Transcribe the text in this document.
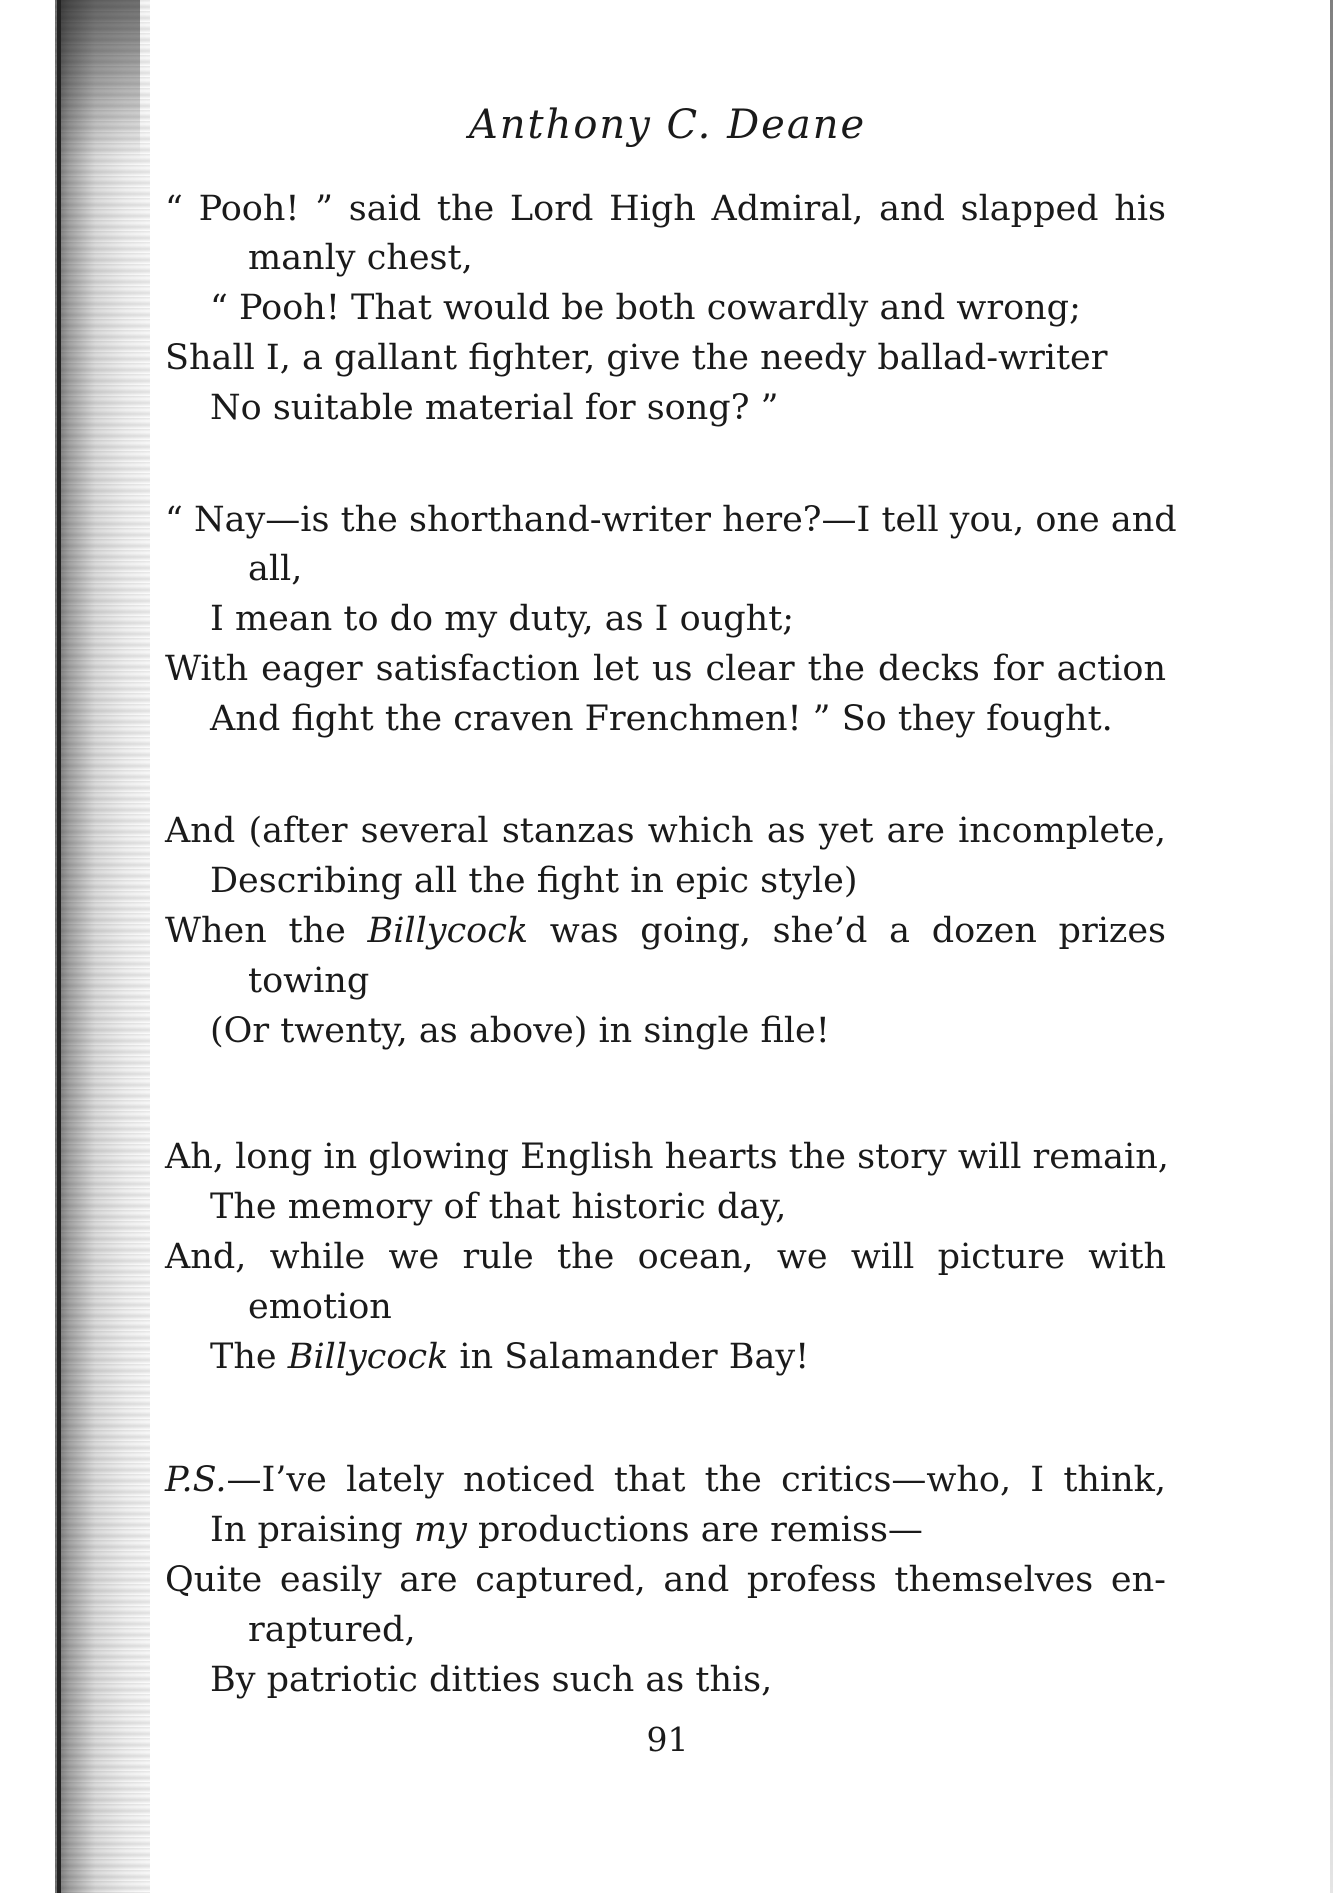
Anthony C. Deane
“ Pooh! ” said the Lord High Admiral, and slapped his
manly chest,
“ Pooh! That would be both cowardly and wrong;
Shall I, a gallant fighter, give the needy ballad-writer
No suitable material for song? ”
“ Nay—is the shorthand-writer here?—I tell you, one and
all,
I mean to do my duty, as I ought;
With eager satisfaction let us clear the decks for action
And fight the craven Frenchmen! ” So they fought.
And (after several stanzas which as yet are incomplete,
Describing all the fight in epic style)
When the Billycock was going, she’d a dozen prizes
towing
(Or twenty, as above) in single file!
Ah, long in glowing English hearts the story will remain,
The memory of that historic day,
And, while we rule the ocean, we will picture with
emotion
The Billycock in Salamander Bay!
P.S.—I’ve lately noticed that the critics—who, I think,
In praising my productions are remiss—
Quite easily are captured, and profess themselves en-
raptured,
By patriotic ditties such as this,
91
